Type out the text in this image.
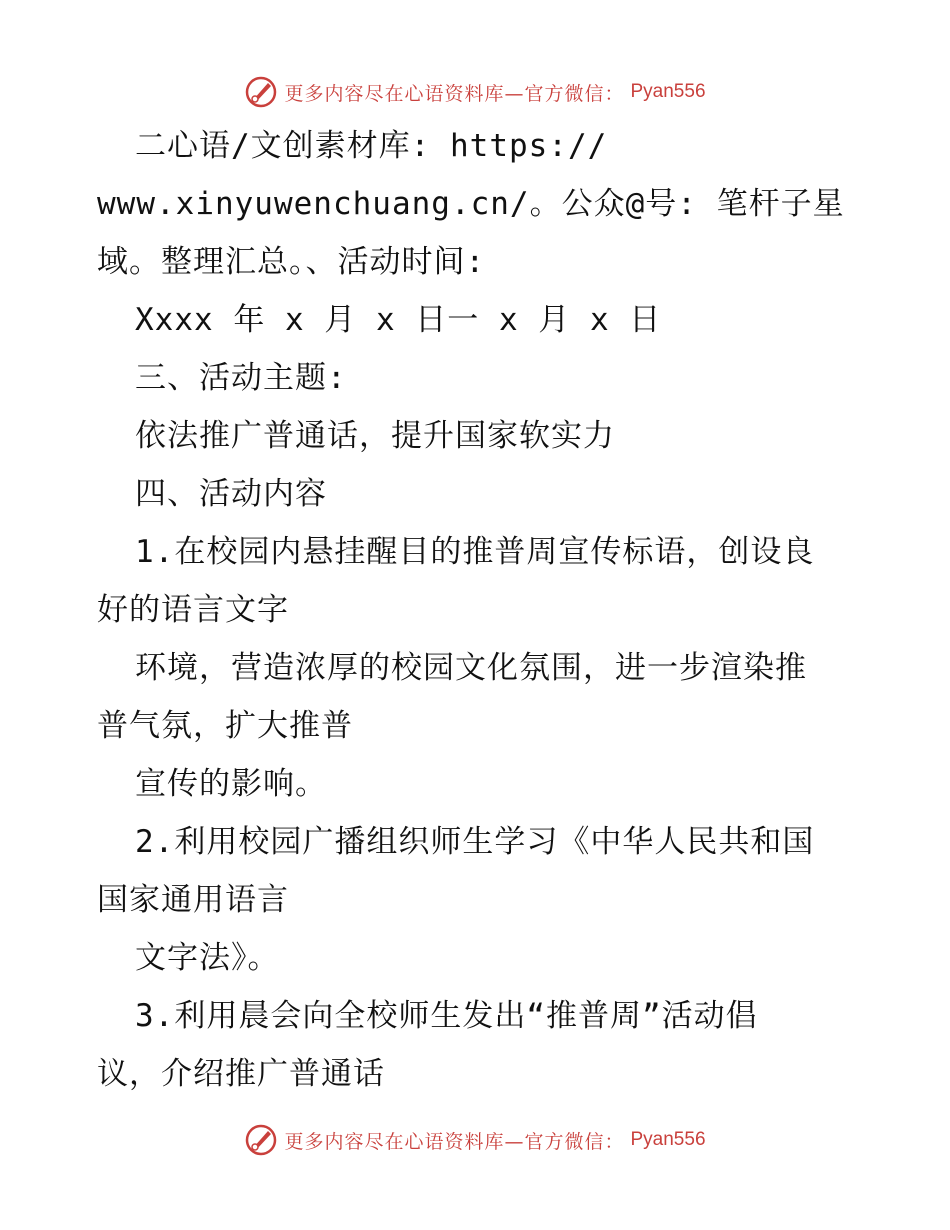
更多内容尽在心语资料库—官方微信： Pyan556
二心语/文创素材库: https://
www.xinyuwenchuang.cn/。公众@号: 笔杆子星
域。整理汇总。、活动时间:
Xxxx 年 x 月 x 日一 x 月 x 日
三、活动主题:
依法推广普通话，提升国家软实力
四、活动内容
1.在校园内悬挂醒目的推普周宣传标语，创设良
好的语言文字
环境，营造浓厚的校园文化氛围，进一步渲染推
普气氛，扩大推普
宣传的影响。
2.利用校园广播组织师生学习《中华人民共和国
国家通用语言
文字法》。
3.利用晨会向全校师生发出“推普周”活动倡
议，介绍推广普通话
更多内容尽在心语资料库—官方微信： Pyan556
